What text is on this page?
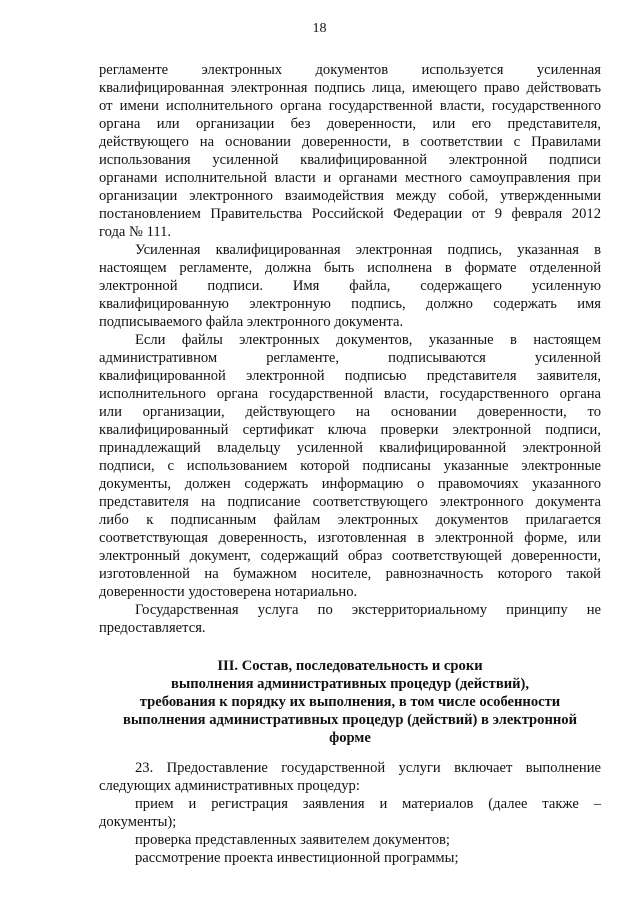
18
регламенте электронных документов используется усиленная
квалифицированная электронная подпись лица, имеющего право действовать
от имени исполнительного органа государственной власти, государственного
органа или организации без доверенности, или его представителя,
действующего на основании доверенности, в соответствии с Правилами
использования усиленной квалифицированной электронной подписи
органами исполнительной власти и органами местного самоуправления при
организации электронного взаимодействия между собой, утвержденными
постановлением Правительства Российской Федерации от 9 февраля 2012
года № 111.
Усиленная квалифицированная электронная подпись, указанная в
настоящем регламенте, должна быть исполнена в формате отделенной
электронной подписи. Имя файла, содержащего усиленную
квалифицированную электронную подпись, должно содержать имя
подписываемого файла электронного документа.
Если файлы электронных документов, указанные в настоящем
административном регламенте, подписываются усиленной
квалифицированной электронной подписью представителя заявителя,
исполнительного органа государственной власти, государственного органа
или организации, действующего на основании доверенности, то
квалифицированный сертификат ключа проверки электронной подписи,
принадлежащий владельцу усиленной квалифицированной электронной
подписи, с использованием которой подписаны указанные электронные
документы, должен содержать информацию о правомочиях указанного
представителя на подписание соответствующего электронного документа
либо к подписанным файлам электронных документов прилагается
соответствующая доверенность, изготовленная в электронной форме, или
электронный документ, содержащий образ соответствующей доверенности,
изготовленной на бумажном носителе, равнозначность которого такой
доверенности удостоверена нотариально.
Государственная услуга по экстерриториальному принципу не
предоставляется.
III. Состав, последовательность и сроки
выполнения административных процедур (действий),
требования к порядку их выполнения, в том числе особенности
выполнения административных процедур (действий) в электронной
форме
23. Предоставление государственной услуги включает выполнение
следующих административных процедур:
прием и регистрация заявления и материалов (далее также –
документы);
проверка представленных заявителем документов;
рассмотрение проекта инвестиционной программы;
